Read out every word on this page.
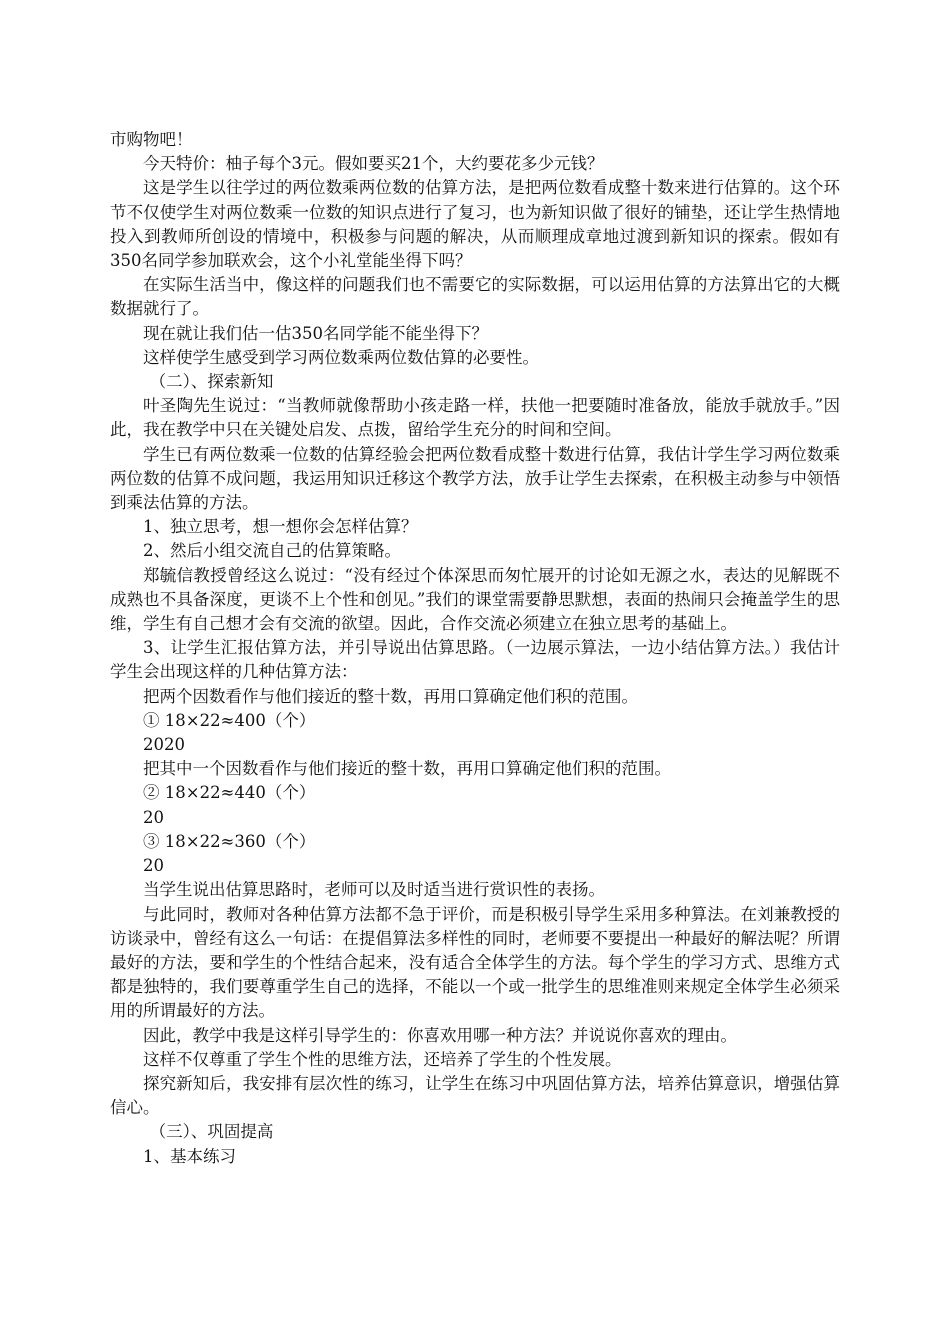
市购物吧！

今天特价：柚子每个3元。假如要买21个，大约要花多少元钱？

这是学生以往学过的两位数乘两位数的估算方法，是把两位数看成整十数来进行估算的。这个环节不仅使学生对两位数乘一位数的知识点进行了复习，也为新知识做了很好的铺垫，还让学生热情地投入到教师所创设的情境中，积极参与问题的解决，从而顺理成章地过渡到新知识的探索。假如有350名同学参加联欢会，这个小礼堂能坐得下吗？

在实际生活当中，像这样的问题我们也不需要它的实际数据，可以运用估算的方法算出它的大概数据就行了。

现在就让我们估一估350名同学能不能坐得下？

这样使学生感受到学习两位数乘两位数估算的必要性。

（二）、探索新知

叶圣陶先生说过：“当教师就像帮助小孩走路一样，扶他一把要随时准备放，能放手就放手。”因此，我在教学中只在关键处启发、点拨，留给学生充分的时间和空间。

学生已有两位数乘一位数的估算经验会把两位数看成整十数进行估算，我估计学生学习两位数乘两位数的估算不成问题，我运用知识迁移这个教学方法，放手让学生去探索，在积极主动参与中领悟到乘法估算的方法。

1、独立思考，想一想你会怎样估算？

2、然后小组交流自己的估算策略。

郑毓信教授曾经这么说过：“没有经过个体深思而匆忙展开的讨论如无源之水，表达的见解既不成熟也不具备深度，更谈不上个性和创见。”我们的课堂需要静思默想，表面的热闹只会掩盖学生的思维，学生有自己想才会有交流的欲望。因此，合作交流必须建立在独立思考的基础上。

3、让学生汇报估算方法，并引导说出估算思路。（一边展示算法，一边小结估算方法。）我估计学生会出现这样的几种估算方法：

把两个因数看作与他们接近的整十数，再用口算确定他们积的范围。

① 18×22≈400（个）

2020

把其中一个因数看作与他们接近的整十数，再用口算确定他们积的范围。

② 18×22≈440（个）

20

③ 18×22≈360（个）

20

当学生说出估算思路时，老师可以及时适当进行赏识性的表扬。

与此同时，教师对各种估算方法都不急于评价，而是积极引导学生采用多种算法。在刘兼教授的访谈录中，曾经有这么一句话：在提倡算法多样性的同时，老师要不要提出一种最好的解法呢？所谓最好的方法，要和学生的个性结合起来，没有适合全体学生的方法。每个学生的学习方式、思维方式都是独特的，我们要尊重学生自己的选择，不能以一个或一批学生的思维准则来规定全体学生必须采用的所谓最好的方法。

因此，教学中我是这样引导学生的：你喜欢用哪一种方法？并说说你喜欢的理由。

这样不仅尊重了学生个性的思维方法，还培养了学生的个性发展。

探究新知后，我安排有层次性的练习，让学生在练习中巩固估算方法，培养估算意识，增强估算信心。

（三）、巩固提高

1、基本练习
